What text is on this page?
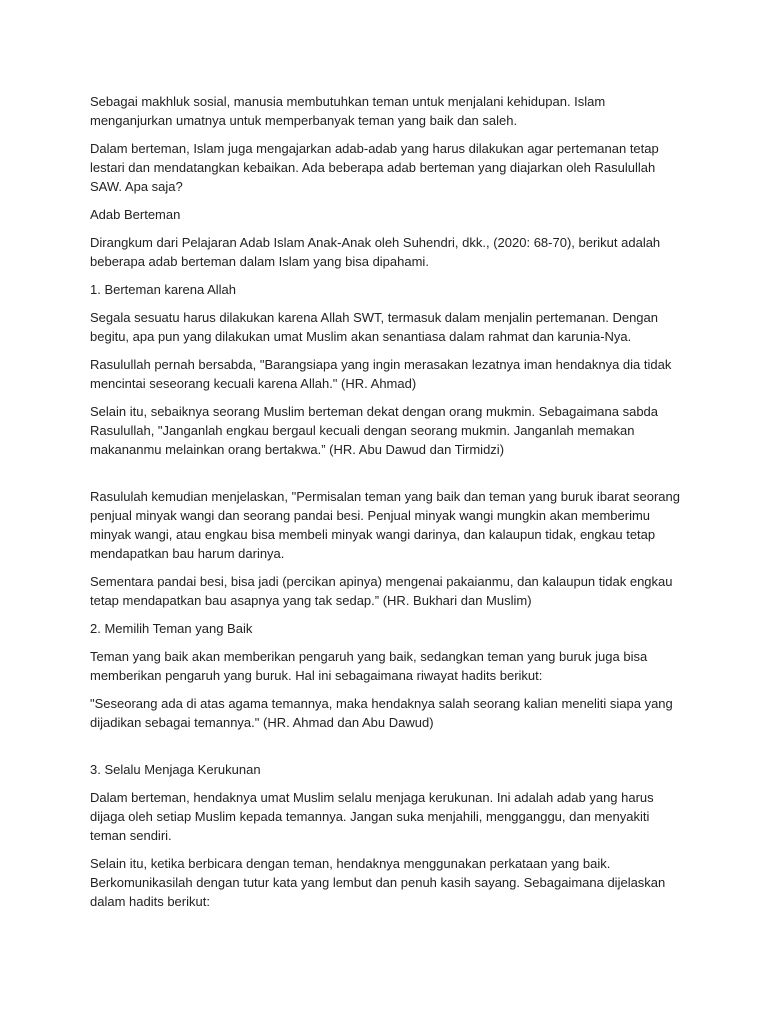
Sebagai makhluk sosial, manusia membutuhkan teman untuk menjalani kehidupan. Islam menganjurkan umatnya untuk memperbanyak teman yang baik dan saleh.

Dalam berteman, Islam juga mengajarkan adab-adab yang harus dilakukan agar pertemanan tetap lestari dan mendatangkan kebaikan. Ada beberapa adab berteman yang diajarkan oleh Rasulullah SAW. Apa saja?

Adab Berteman

Dirangkum dari Pelajaran Adab Islam Anak-Anak oleh Suhendri, dkk., (2020: 68-70), berikut adalah beberapa adab berteman dalam Islam yang bisa dipahami.

1. Berteman karena Allah

Segala sesuatu harus dilakukan karena Allah SWT, termasuk dalam menjalin pertemanan. Dengan begitu, apa pun yang dilakukan umat Muslim akan senantiasa dalam rahmat dan karunia-Nya.

Rasulullah pernah bersabda, "Barangsiapa yang ingin merasakan lezatnya iman hendaknya dia tidak mencintai seseorang kecuali karena Allah." (HR. Ahmad)

Selain itu, sebaiknya seorang Muslim berteman dekat dengan orang mukmin. Sebagaimana sabda Rasulullah, "Janganlah engkau bergaul kecuali dengan seorang mukmin. Janganlah memakan makananmu melainkan orang bertakwa.” (HR. Abu Dawud dan Tirmidzi)

Rasululah kemudian menjelaskan, "Permisalan teman yang baik dan teman yang buruk ibarat seorang penjual minyak wangi dan seorang pandai besi. Penjual minyak wangi mungkin akan memberimu minyak wangi, atau engkau bisa membeli minyak wangi darinya, dan kalaupun tidak, engkau tetap mendapatkan bau harum darinya.

Sementara pandai besi, bisa jadi (percikan apinya) mengenai pakaianmu, dan kalaupun tidak engkau tetap mendapatkan bau asapnya yang tak sedap.” (HR. Bukhari dan Muslim)

2. Memilih Teman yang Baik

Teman yang baik akan memberikan pengaruh yang baik, sedangkan teman yang buruk juga bisa memberikan pengaruh yang buruk. Hal ini sebagaimana riwayat hadits berikut:

"Seseorang ada di atas agama temannya, maka hendaknya salah seorang kalian meneliti siapa yang dijadikan sebagai temannya." (HR. Ahmad dan Abu Dawud)

3. Selalu Menjaga Kerukunan

Dalam berteman, hendaknya umat Muslim selalu menjaga kerukunan. Ini adalah adab yang harus dijaga oleh setiap Muslim kepada temannya. Jangan suka menjahili, mengganggu, dan menyakiti teman sendiri.

Selain itu, ketika berbicara dengan teman, hendaknya menggunakan perkataan yang baik. Berkomunikasilah dengan tutur kata yang lembut dan penuh kasih sayang. Sebagaimana dijelaskan dalam hadits berikut:
